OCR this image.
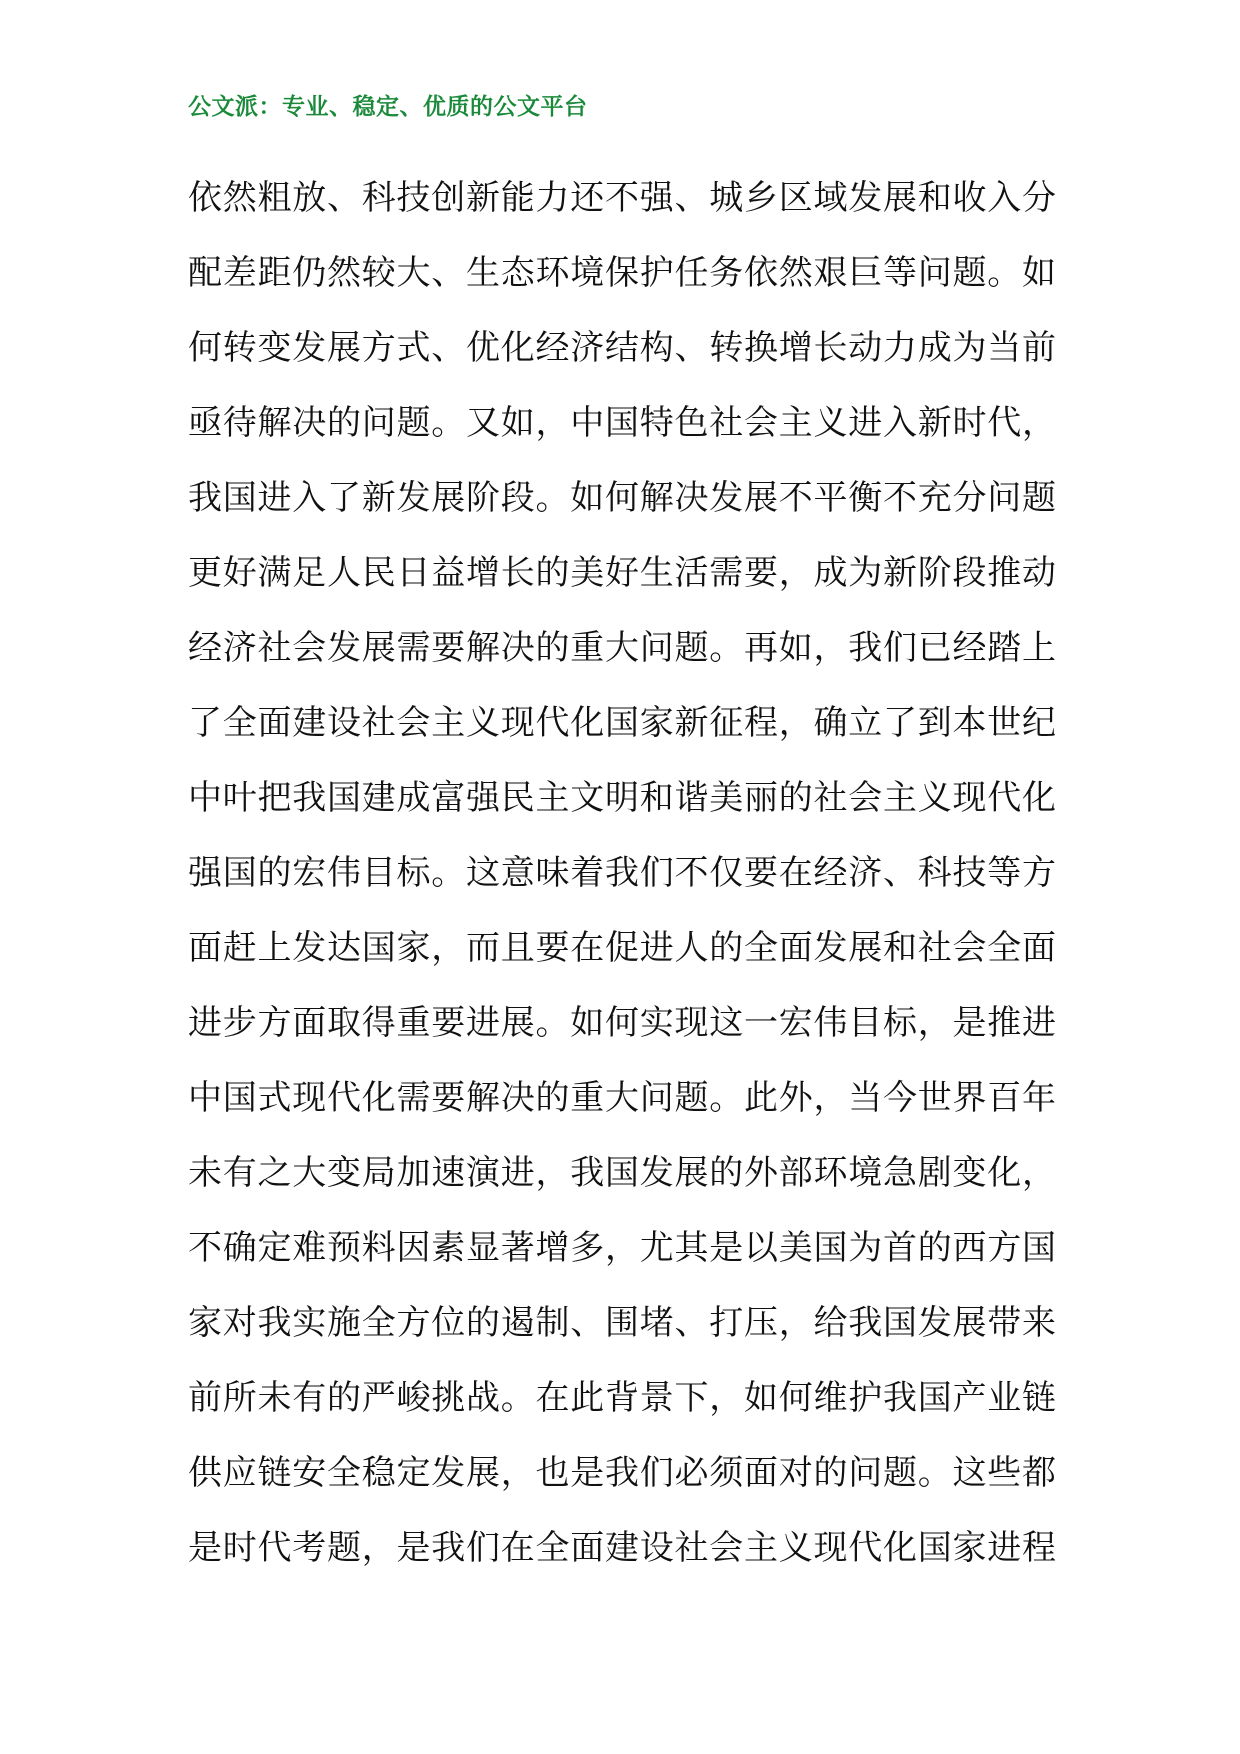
公文派：专业、稳定、优质的公文平台
依然粗放、科技创新能力还不强、城乡区域发展和收入分
配差距仍然较大、生态环境保护任务依然艰巨等问题。如
何转变发展方式、优化经济结构、转换增长动力成为当前
亟待解决的问题。又如，中国特色社会主义进入新时代，
我国进入了新发展阶段。如何解决发展不平衡不充分问题
更好满足人民日益增长的美好生活需要，成为新阶段推动
经济社会发展需要解决的重大问题。再如，我们已经踏上
了全面建设社会主义现代化国家新征程，确立了到本世纪
中叶把我国建成富强民主文明和谐美丽的社会主义现代化
强国的宏伟目标。这意味着我们不仅要在经济、科技等方
面赶上发达国家，而且要在促进人的全面发展和社会全面
进步方面取得重要进展。如何实现这一宏伟目标，是推进
中国式现代化需要解决的重大问题。此外，当今世界百年
未有之大变局加速演进，我国发展的外部环境急剧变化，
不确定难预料因素显著增多，尤其是以美国为首的西方国
家对我实施全方位的遏制、围堵、打压，给我国发展带来
前所未有的严峻挑战。在此背景下，如何维护我国产业链
供应链安全稳定发展，也是我们必须面对的问题。这些都
是时代考题，是我们在全面建设社会主义现代化国家进程
